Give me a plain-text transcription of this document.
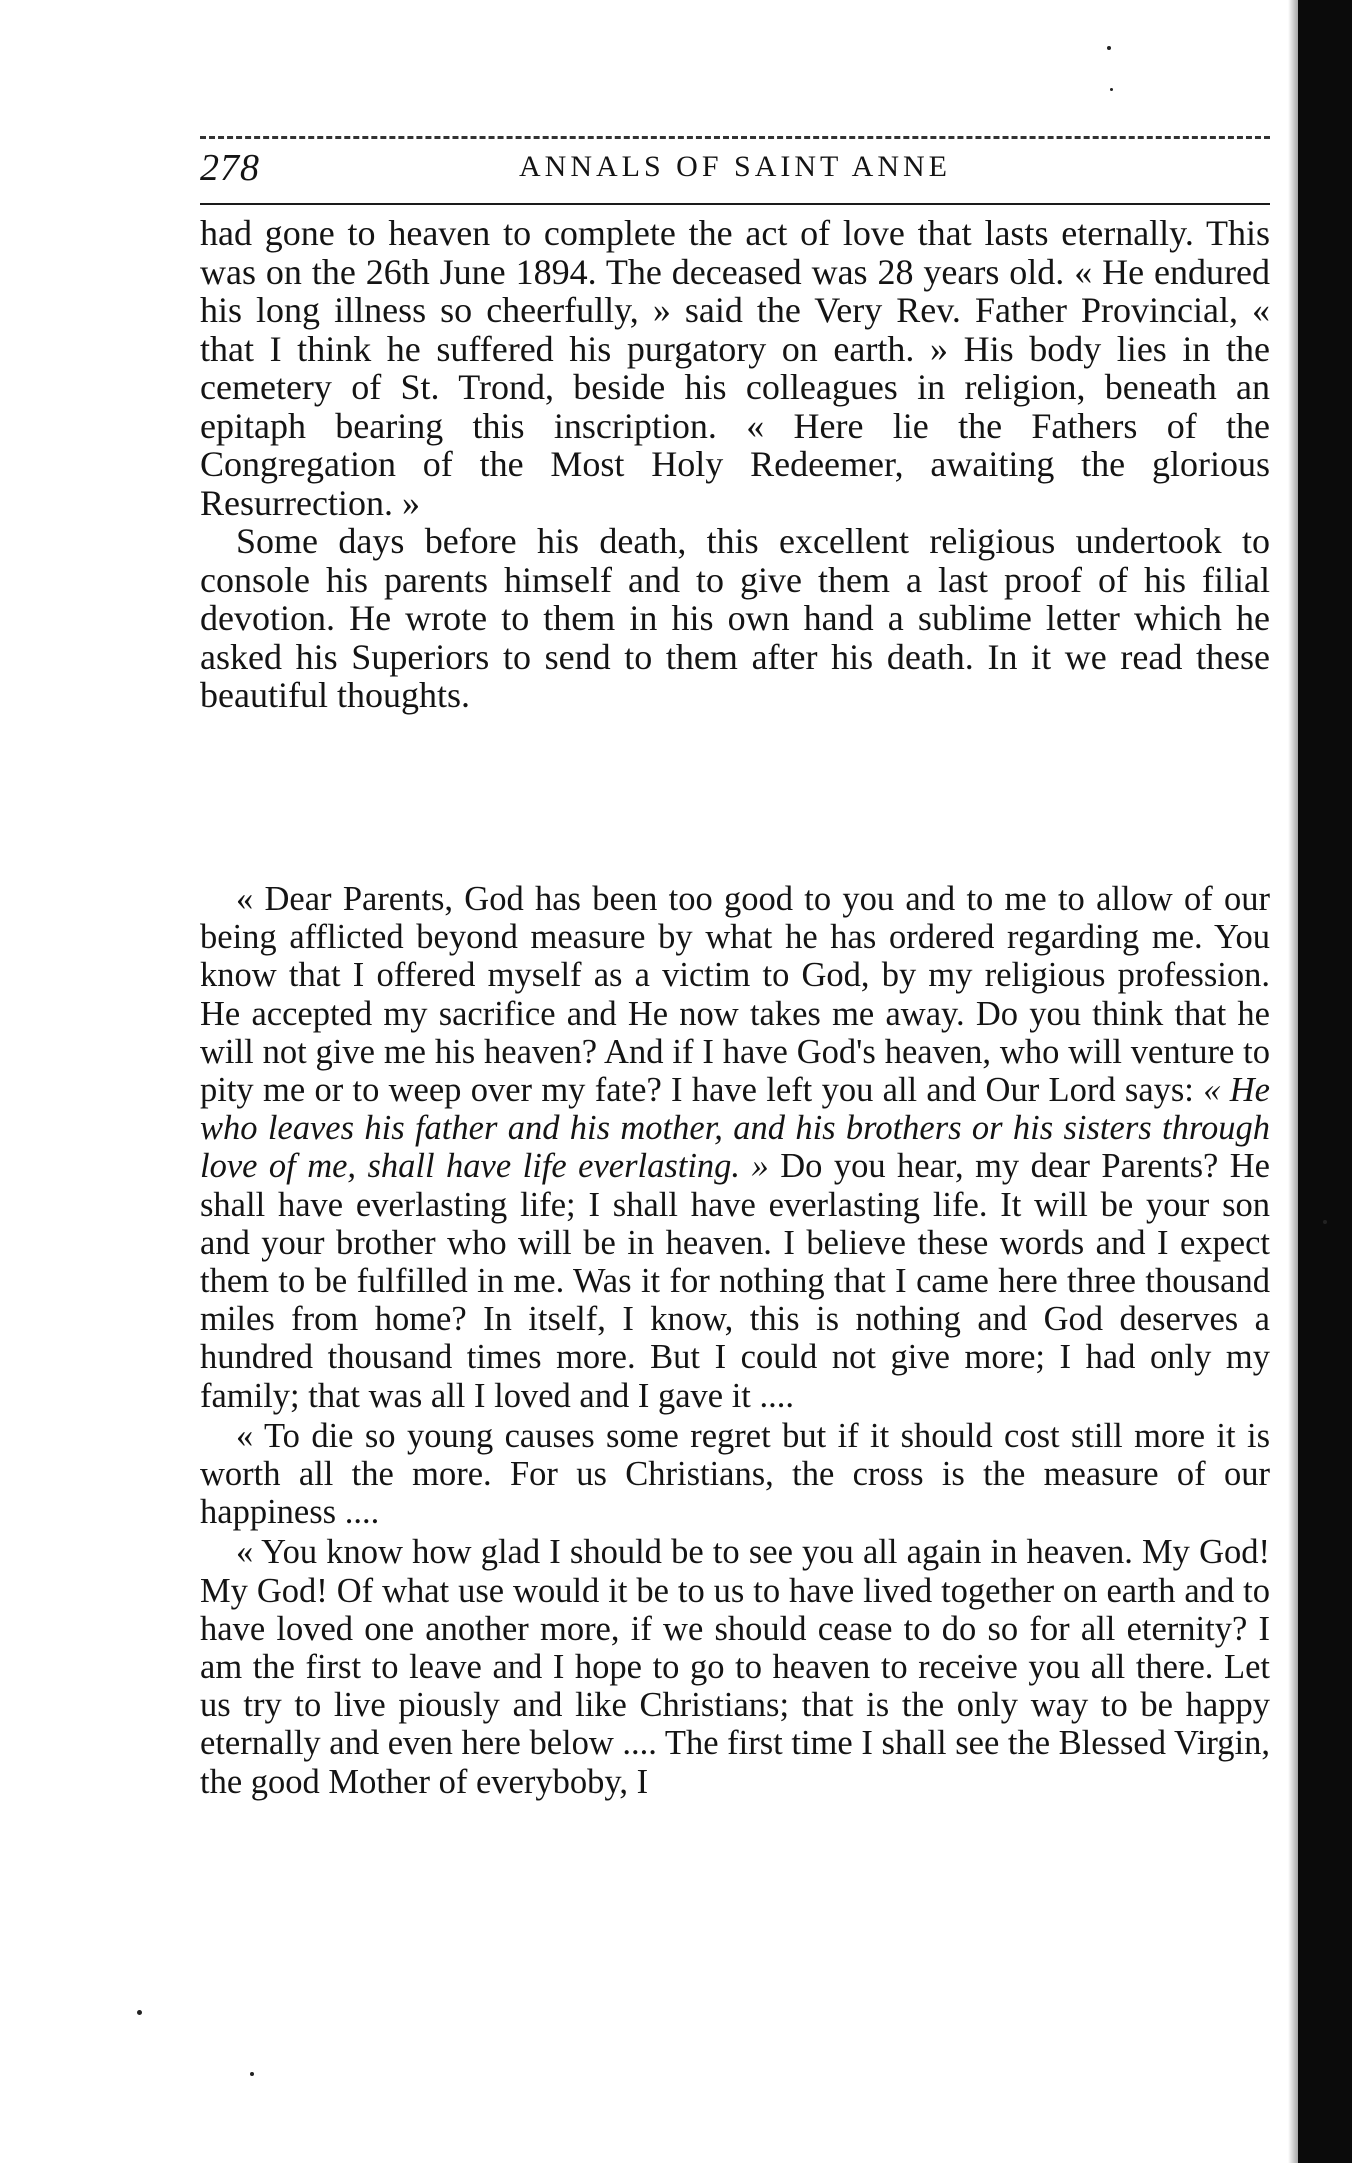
278	ANNALS OF SAINT ANNE

had gone to heaven to complete the act of love that lasts eternally. This was on the 26th June 1894. The deceased was 28 years old. « He endured his long illness so cheerfully, » said the Very Rev. Father Provincial, « that I think he suffered his purgatory on earth. » His body lies in the cemetery of St. Trond, beside his colleagues in religion, beneath an epitaph bearing this inscription. « Here lie the Fathers of the Congregation of the Most Holy Redeemer, awaiting the glorious Resurrection. »

Some days before his death, this excellent religious undertook to console his parents himself and to give them a last proof of his filial devotion. He wrote to them in his own hand a sublime letter which he asked his Superiors to send to them after his death. In it we read these beautiful thoughts.

« Dear Parents, God has been too good to you and to me to allow of our being afflicted beyond measure by what he has ordered regarding me. You know that I offered myself as a victim to God, by my religious profession. He accepted my sacrifice and He now takes me away. Do you think that he will not give me his heaven? And if I have God's heaven, who will venture to pity me or to weep over my fate? I have left you all and Our Lord says: « He who leaves his father and his mother, and his brothers or his sisters through love of me, shall have life everlasting. » Do you hear, my dear Parents? He shall have everlasting life; I shall have everlasting life. It will be your son and your brother who will be in heaven. I believe these words and I expect them to be fulfilled in me. Was it for nothing that I came here three thousand miles from home? In itself, I know, this is nothing and God deserves a hundred thousand times more. But I could not give more; I had only my family; that was all I loved and I gave it ....

« To die so young causes some regret but if it should cost still more it is worth all the more. For us Christians, the cross is the measure of our happiness ....

« You know how glad I should be to see you all again in heaven. My God! My God! Of what use would it be to us to have lived together on earth and to have loved one another more, if we should cease to do so for all eternity? I am the first to leave and I hope to go to heaven to receive you all there. Let us try to live piously and like Christians; that is the only way to be happy eternally and even here below .... The first time I shall see the Blessed Virgin, the good Mother of everyboby, I
